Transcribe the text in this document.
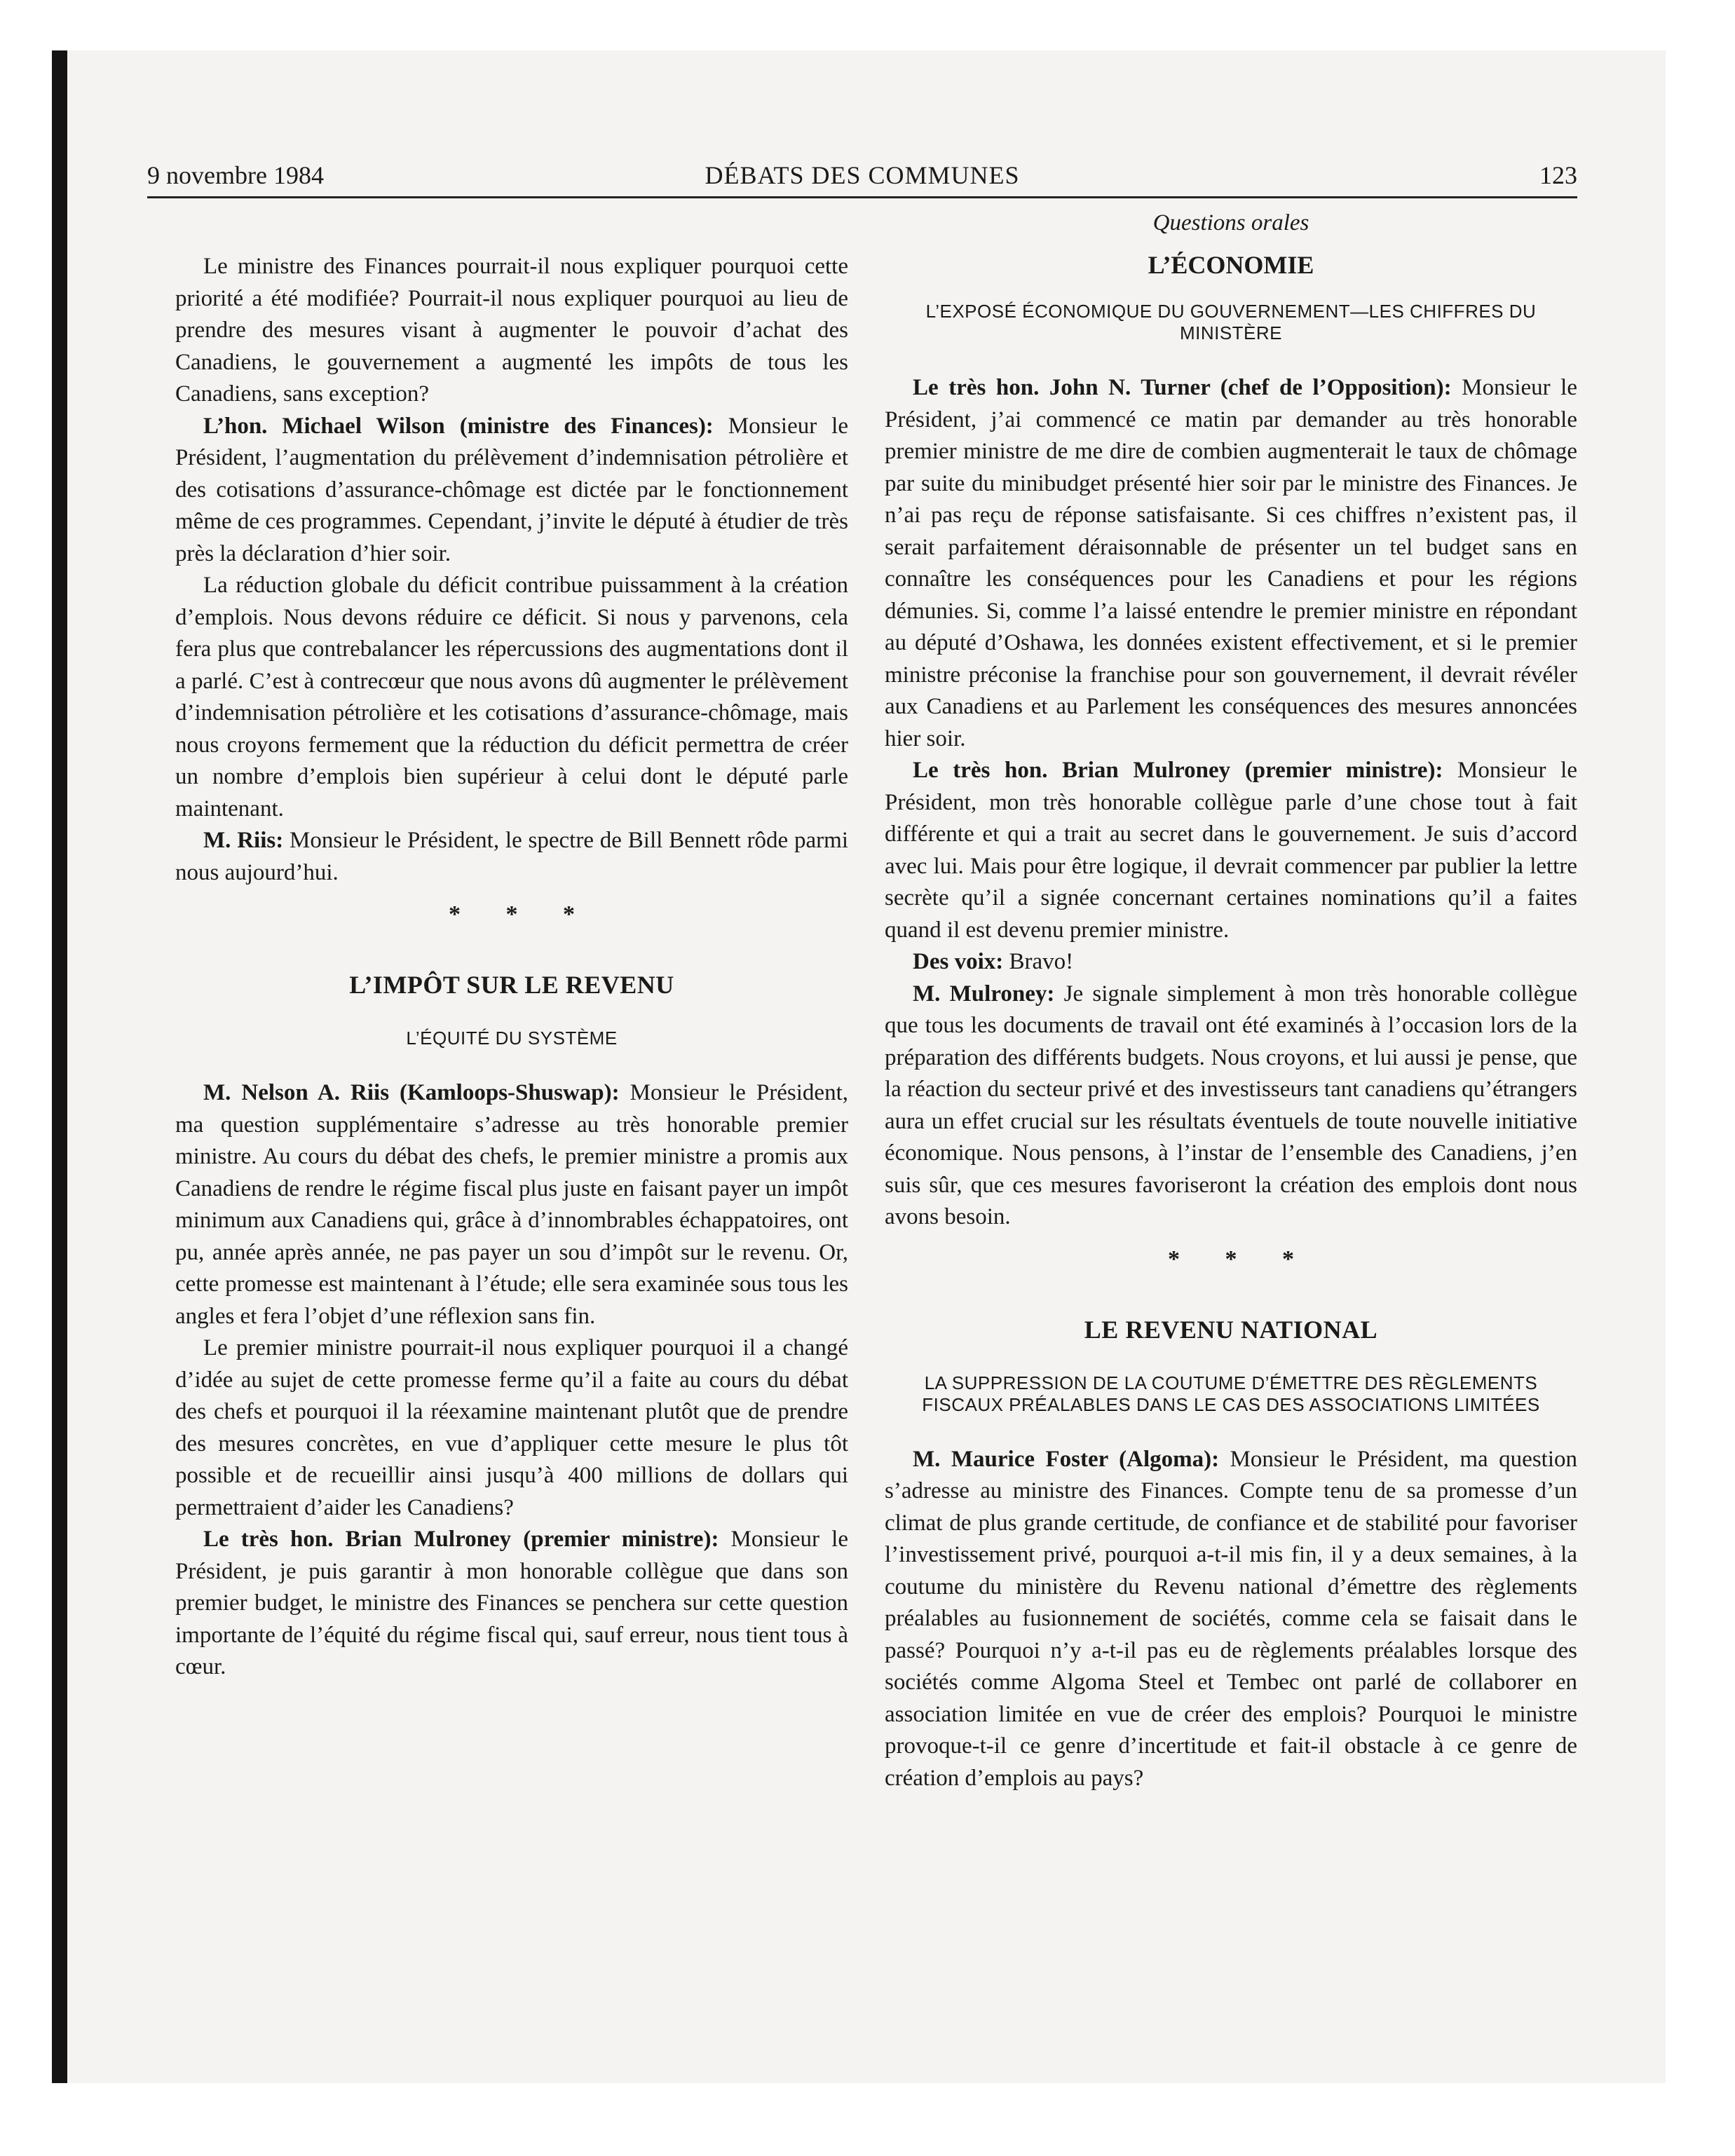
9 novembre 1984	DÉBATS DES COMMUNES	123

Le ministre des Finances pourrait-il nous expliquer pourquoi cette priorité a été modifiée? Pourrait-il nous expliquer pourquoi au lieu de prendre des mesures visant à augmenter le pouvoir d’achat des Canadiens, le gouvernement a augmenté les impôts de tous les Canadiens, sans exception?

L’hon. Michael Wilson (ministre des Finances): Monsieur le Président, l’augmentation du prélèvement d’indemnisation pétrolière et des cotisations d’assurance-chômage est dictée par le fonctionnement même de ces programmes. Cependant, j’invite le député à étudier de très près la déclaration d’hier soir.

La réduction globale du déficit contribue puissamment à la création d’emplois. Nous devons réduire ce déficit. Si nous y parvenons, cela fera plus que contrebalancer les répercussions des augmentations dont il a parlé. C’est à contrecœur que nous avons dû augmenter le prélèvement d’indemnisation pétrolière et les cotisations d’assurance-chômage, mais nous croyons fermement que la réduction du déficit permettra de créer un nombre d’emplois bien supérieur à celui dont le député parle maintenant.

M. Riis: Monsieur le Président, le spectre de Bill Bennett rôde parmi nous aujourd’hui.

* * *
L’IMPÔT SUR LE REVENU
L’ÉQUITÉ DU SYSTÈME

M. Nelson A. Riis (Kamloops-Shuswap): Monsieur le Président, ma question supplémentaire s’adresse au très honorable premier ministre. Au cours du débat des chefs, le premier ministre a promis aux Canadiens de rendre le régime fiscal plus juste en faisant payer un impôt minimum aux Canadiens qui, grâce à d’innombrables échappatoires, ont pu, année après année, ne pas payer un sou d’impôt sur le revenu. Or, cette promesse est maintenant à l’étude; elle sera examinée sous tous les angles et fera l’objet d’une réflexion sans fin.

Le premier ministre pourrait-il nous expliquer pourquoi il a changé d’idée au sujet de cette promesse ferme qu’il a faite au cours du débat des chefs et pourquoi il la réexamine maintenant plutôt que de prendre des mesures concrètes, en vue d’appliquer cette mesure le plus tôt possible et de recueillir ainsi jusqu’à 400 millions de dollars qui permettraient d’aider les Canadiens?

Le très hon. Brian Mulroney (premier ministre): Monsieur le Président, je puis garantir à mon honorable collègue que dans son premier budget, le ministre des Finances se penchera sur cette question importante de l’équité du régime fiscal qui, sauf erreur, nous tient tous à cœur.

Questions orales
L’ÉCONOMIE
L’EXPOSÉ ÉCONOMIQUE DU GOUVERNEMENT—LES CHIFFRES DU MINISTÈRE

Le très hon. John N. Turner (chef de l’Opposition): Monsieur le Président, j’ai commencé ce matin par demander au très honorable premier ministre de me dire de combien augmenterait le taux de chômage par suite du minibudget présenté hier soir par le ministre des Finances. Je n’ai pas reçu de réponse satisfaisante. Si ces chiffres n’existent pas, il serait parfaitement déraisonnable de présenter un tel budget sans en connaître les conséquences pour les Canadiens et pour les régions démunies. Si, comme l’a laissé entendre le premier ministre en répondant au député d’Oshawa, les données existent effectivement, et si le premier ministre préconise la franchise pour son gouvernement, il devrait révéler aux Canadiens et au Parlement les conséquences des mesures annoncées hier soir.

Le très hon. Brian Mulroney (premier ministre): Monsieur le Président, mon très honorable collègue parle d’une chose tout à fait différente et qui a trait au secret dans le gouvernement. Je suis d’accord avec lui. Mais pour être logique, il devrait commencer par publier la lettre secrète qu’il a signée concernant certaines nominations qu’il a faites quand il est devenu premier ministre.

Des voix: Bravo!

M. Mulroney: Je signale simplement à mon très honorable collègue que tous les documents de travail ont été examinés à l’occasion lors de la préparation des différents budgets. Nous croyons, et lui aussi je pense, que la réaction du secteur privé et des investisseurs tant canadiens qu’étrangers aura un effet crucial sur les résultats éventuels de toute nouvelle initiative économique. Nous pensons, à l’instar de l’ensemble des Canadiens, j’en suis sûr, que ces mesures favoriseront la création des emplois dont nous avons besoin.

* * *
LE REVENU NATIONAL
LA SUPPRESSION DE LA COUTUME D’ÉMETTRE DES RÈGLEMENTS FISCAUX PRÉALABLES DANS LE CAS DES ASSOCIATIONS LIMITÉES

M. Maurice Foster (Algoma): Monsieur le Président, ma question s’adresse au ministre des Finances. Compte tenu de sa promesse d’un climat de plus grande certitude, de confiance et de stabilité pour favoriser l’investissement privé, pourquoi a-t-il mis fin, il y a deux semaines, à la coutume du ministère du Revenu national d’émettre des règlements préalables au fusionnement de sociétés, comme cela se faisait dans le passé? Pourquoi n’y a-t-il pas eu de règlements préalables lorsque des sociétés comme Algoma Steel et Tembec ont parlé de collaborer en association limitée en vue de créer des emplois? Pourquoi le ministre provoque-t-il ce genre d’incertitude et fait-il obstacle à ce genre de création d’emplois au pays?
